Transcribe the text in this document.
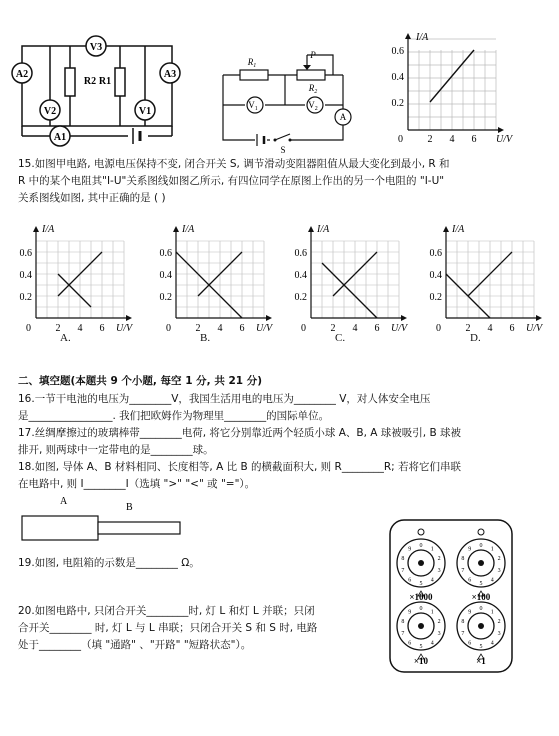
V3
A2
R2 R1
A3
V2	V1
A1
$R_1$
$R_2$
P
$V_1$	$V_2$
A
S
I/A
U/V
0
0.2
0.4
0.6
2 4 6
15.如图甲电路, 电源电压保持不变, 闭合开关 S, 调节滑动变阻器阻值从最大变化到最小, R 和
R 中的某个电阻其"I-U"关系图线如图乙所示, 有四位同学在原图上作出的另一个电阻的 "I-U"
关系图线如图, 其中正确的是 ( )
I/A
U/V
0
0.2
0.4
0.6
2 4 6
A.
I/A
U/V
0
0.2
0.4
0.6
2 4 6
B.
I/A
U/V
0
0.2
0.4
0.6
2 4 6
C.
I/A
U/V
0
0.2
0.4
0.6
2 4 6
D.
二、填空题(本题共 9 个小题, 每空 1 分, 共 21 分)
16.一节干电池的电压为________V，我国生活用电的电压为________ V，对人体安全电压
是________________. 我们把欧姆作为物理里________的国际单位。
17.丝绸摩擦过的玻璃棒带________电荷, 将它分别靠近两个轻质小球 A、B, A 球被吸引, B 球被
排开, 则两球中一定带电的是________球。
18.如图, 导体 A、B 材料相同、长度相等, A 比 B 的横截面积大, 则 R________R; 若将它们串联
在电路中, 则 I________I（选填 ">" "<" 或 "="）。
A
B
19.如图, 电阻箱的示数是________ Ω。
20.如图电路中, 只闭合开关________时, 灯 L 和灯 L 并联；只闭
合开关________ 时, 灯 L 与 L 串联；只闭合开关 S 和 S 时, 电路
处于________（填 "通路" 、"开路" "短路状态"）。
0
1
2
3
4
5
6
7
8
9
0
1
2
3
4
5
6
7
8
9
0
1
2
3
4
5
6
7
8
9
0
1
2
3
4
5
6
7
8
9
×1000	×100
×10	×1
